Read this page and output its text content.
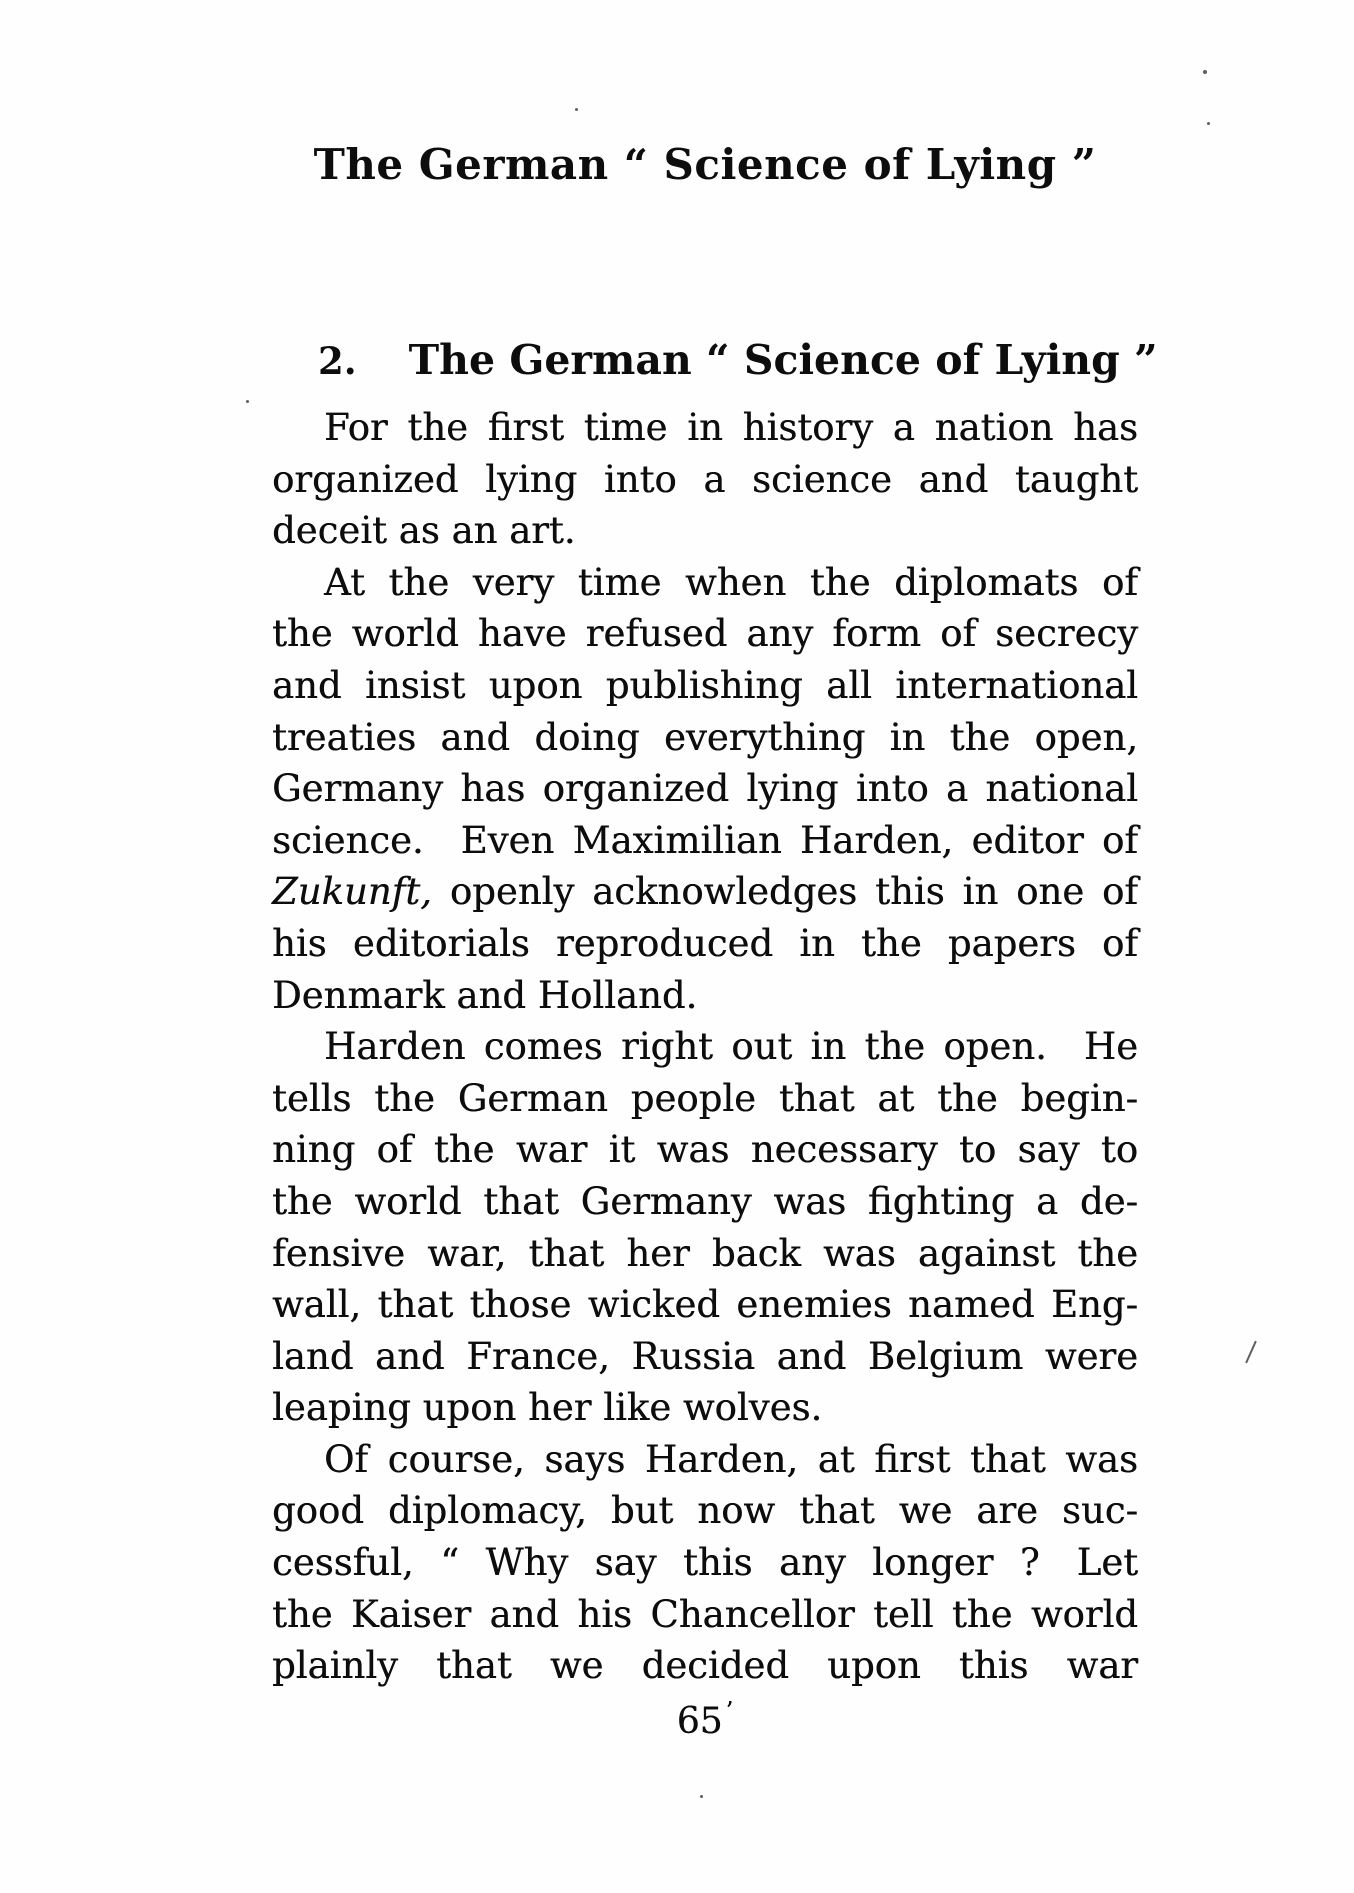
The German “ Science of Lying ”
2. The German “ Science of Lying ”
For the first time in history a nation has
organized lying into a science and taught
deceit as an art.
At the very time when the diplomats of
the world have refused any form of secrecy
and insist upon publishing all international
treaties and doing everything in the open,
Germany has organized lying into a national
science. Even Maximilian Harden, editor of
Zukunft, openly acknowledges this in one of
his editorials reproduced in the papers of
Denmark and Holland.
Harden comes right out in the open. He
tells the German people that at the begin-
ning of the war it was necessary to say to
the world that Germany was fighting a de-
fensive war, that her back was against the
wall, that those wicked enemies named Eng-
land and France, Russia and Belgium were
leaping upon her like wolves.
Of course, says Harden, at first that was
good diplomacy, but now that we are suc-
cessful, “ Why say this any longer ? Let
the Kaiser and his Chancellor tell the world
plainly that we decided upon this war
65 ’
